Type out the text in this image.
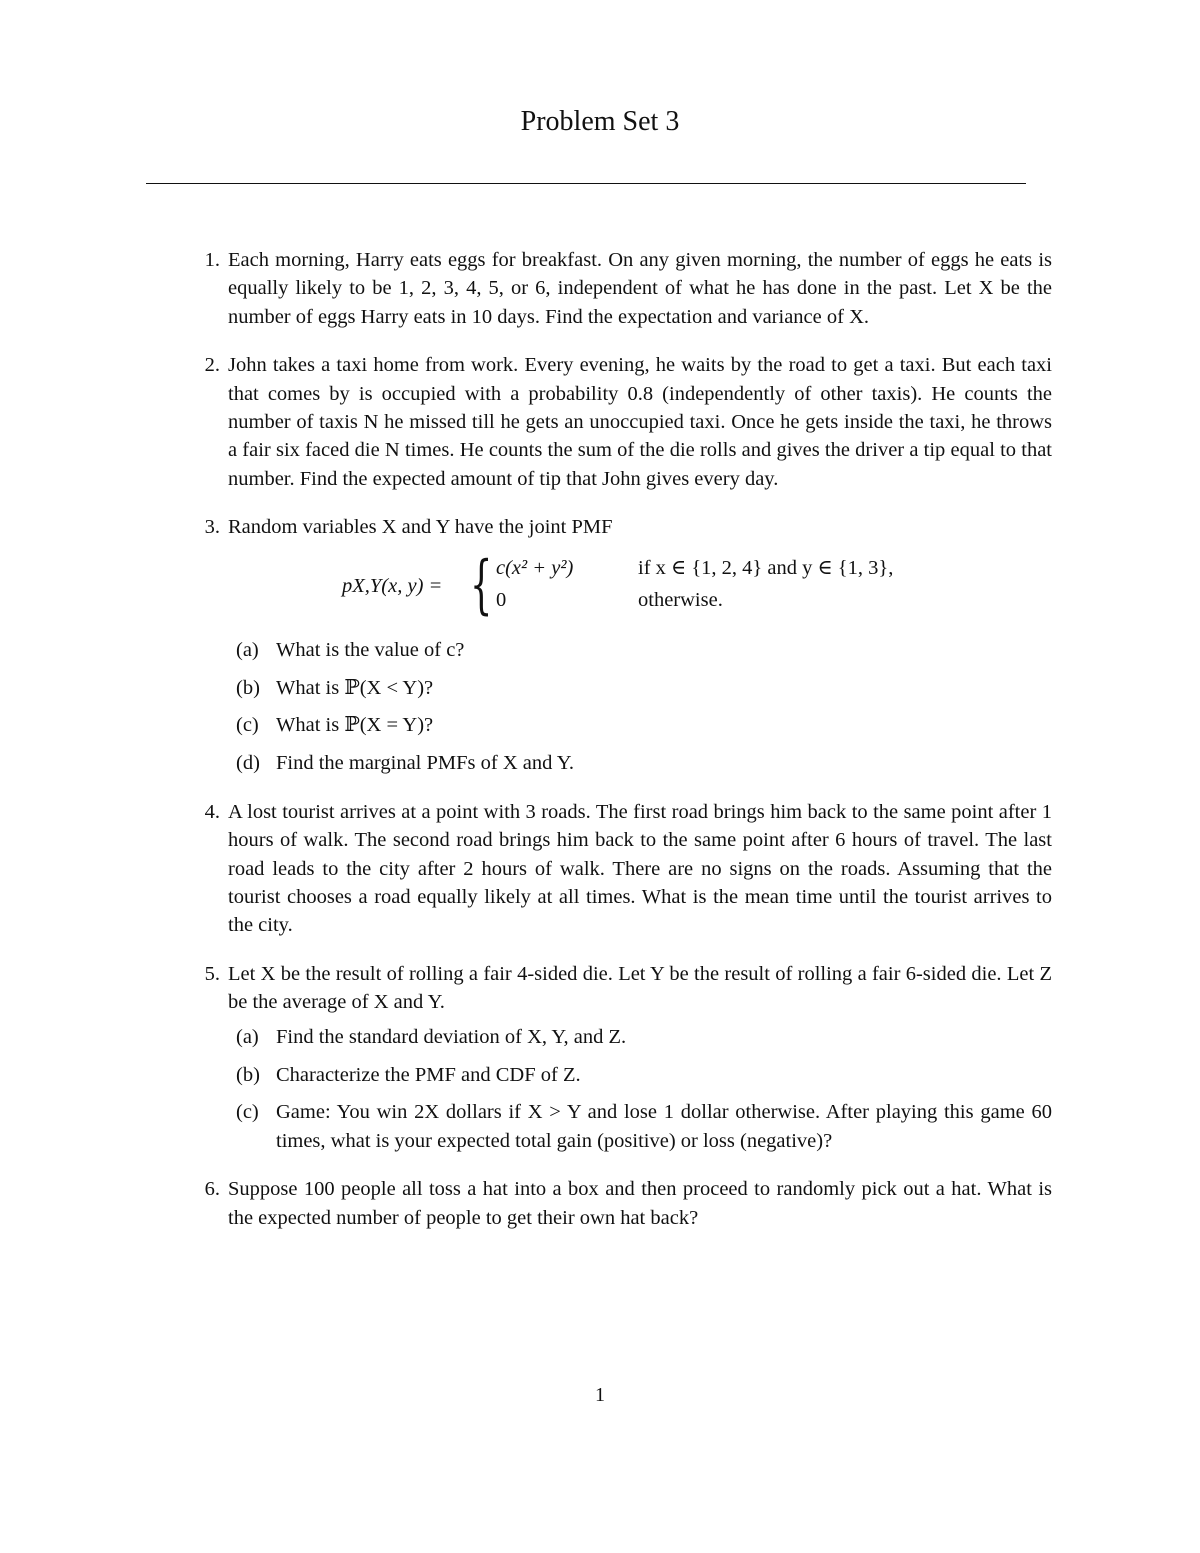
Problem Set 3
1. Each morning, Harry eats eggs for breakfast. On any given morning, the number of eggs he eats is equally likely to be 1, 2, 3, 4, 5, or 6, independent of what he has done in the past. Let X be the number of eggs Harry eats in 10 days. Find the expectation and variance of X.
2. John takes a taxi home from work. Every evening, he waits by the road to get a taxi. But each taxi that comes by is occupied with a probability 0.8 (independently of other taxis). He counts the number of taxis N he missed till he gets an unoccupied taxi. Once he gets inside the taxi, he throws a fair six faced die N times. He counts the sum of the die rolls and gives the driver a tip equal to that number. Find the expected amount of tip that John gives every day.
3. Random variables X and Y have the joint PMF
pX,Y(x, y) = { c(x² + y²)	if x ∈ {1, 2, 4} and y ∈ {1, 3},
0	otherwise.
(a) What is the value of c?
(b) What is ℙ(X < Y)?
(c) What is ℙ(X = Y)?
(d) Find the marginal PMFs of X and Y.
4. A lost tourist arrives at a point with 3 roads. The first road brings him back to the same point after 1 hours of walk. The second road brings him back to the same point after 6 hours of travel. The last road leads to the city after 2 hours of walk. There are no signs on the roads. Assuming that the tourist chooses a road equally likely at all times. What is the mean time until the tourist arrives to the city.
5. Let X be the result of rolling a fair 4-sided die. Let Y be the result of rolling a fair 6-sided die. Let Z be the average of X and Y.
(a) Find the standard deviation of X, Y, and Z.
(b) Characterize the PMF and CDF of Z.
(c) Game: You win 2X dollars if X > Y and lose 1 dollar otherwise. After playing this game 60 times, what is your expected total gain (positive) or loss (negative)?
6. Suppose 100 people all toss a hat into a box and then proceed to randomly pick out a hat. What is the expected number of people to get their own hat back?
1
